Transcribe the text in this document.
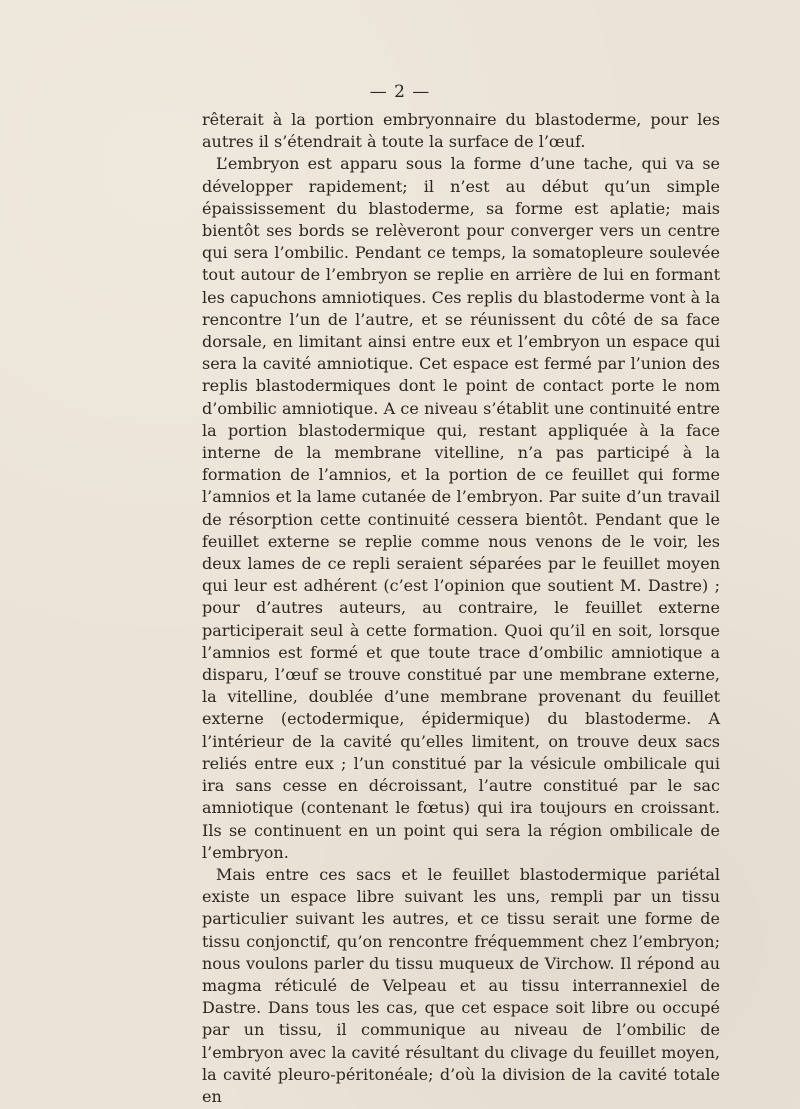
— 2 —

rêterait à la portion embryonnaire du blastoderme, pour les autres il s’étendrait à toute la surface de l’œuf.

L’embryon est apparu sous la forme d’une tache, qui va se développer rapidement; il n’est au début qu’un simple épaississement du blastoderme, sa forme est aplatie; mais bientôt ses bords se relèveront pour converger vers un centre qui sera l’ombilic. Pendant ce temps, la somatopleure soulevée tout autour de l’embryon se replie en arrière de lui en formant les capuchons amniotiques. Ces replis du blastoderme vont à la rencontre l’un de l’autre, et se réunissent du côté de sa face dorsale, en limitant ainsi entre eux et l’embryon un espace qui sera la cavité amniotique. Cet espace est fermé par l’union des replis blastodermiques dont le point de contact porte le nom d’ombilic amniotique. A ce niveau s’établit une continuité entre la portion blastodermique qui, restant appliquée à la face interne de la membrane vitelline, n’a pas participé à la formation de l’amnios, et la portion de ce feuillet qui forme l’amnios et la lame cutanée de l’embryon. Par suite d’un travail de résorption cette continuité cessera bientôt. Pendant que le feuillet externe se replie comme nous venons de le voir, les deux lames de ce repli seraient séparées par le feuillet moyen qui leur est adhérent (c’est l’opinion que soutient M. Dastre) ; pour d’autres auteurs, au contraire, le feuillet externe participerait seul à cette formation. Quoi qu’il en soit, lorsque l’amnios est formé et que toute trace d’ombilic amniotique a disparu, l’œuf se trouve constitué par une membrane externe, la vitelline, doublée d’une membrane provenant du feuillet externe (ectodermique, épidermique) du blastoderme. A l’intérieur de la cavité qu’elles limitent, on trouve deux sacs reliés entre eux ; l’un constitué par la vésicule ombilicale qui ira sans cesse en décroissant, l’autre constitué par le sac amniotique (contenant le fœtus) qui ira toujours en croissant. Ils se continuent en un point qui sera la région ombilicale de l’embryon.

Mais entre ces sacs et le feuillet blastodermique pariétal existe un espace libre suivant les uns, rempli par un tissu particulier suivant les autres, et ce tissu serait une forme de tissu conjonctif, qu’on rencontre fréquemment chez l’embryon; nous voulons parler du tissu muqueux de Virchow. Il répond au magma réticulé de Velpeau et au tissu interrannexiel de Dastre. Dans tous les cas, que cet espace soit libre ou occupé par un tissu, il communique au niveau de l’ombilic de l’embryon avec la cavité résultant du clivage du feuillet moyen, la cavité pleuro-péritonéale; d’où la division de la cavité totale en
